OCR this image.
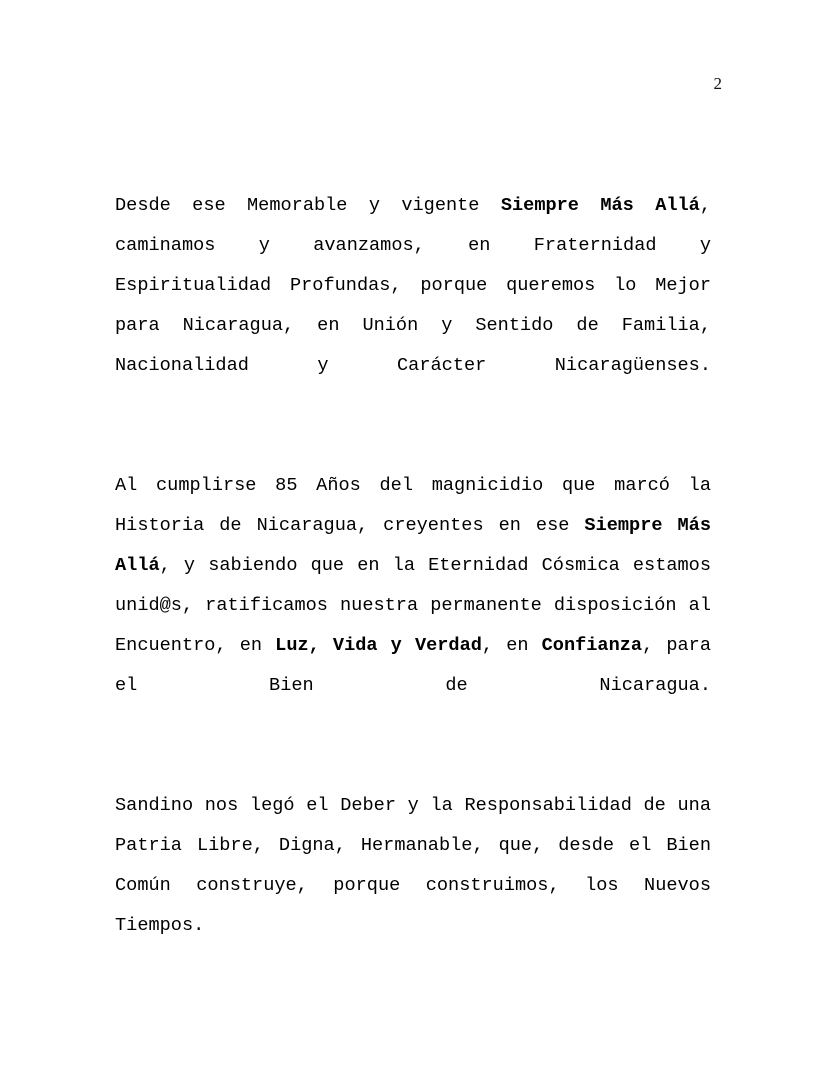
2

Desde ese Memorable y vigente Siempre Más Allá, caminamos y avanzamos, en Fraternidad y Espiritualidad Profundas, porque queremos lo Mejor para Nicaragua, en Unión y Sentido de Familia, Nacionalidad y Carácter Nicaragüenses.

Al cumplirse 85 Años del magnicidio que marcó la Historia de Nicaragua, creyentes en ese Siempre Más Allá, y sabiendo que en la Eternidad Cósmica estamos unid@s, ratificamos nuestra permanente disposición al Encuentro, en Luz, Vida y Verdad, en Confianza, para el Bien de Nicaragua.

Sandino nos legó el Deber y la Responsabilidad de una Patria Libre, Digna, Hermanable, que, desde el Bien Común construye, porque construimos, los Nuevos Tiempos.
